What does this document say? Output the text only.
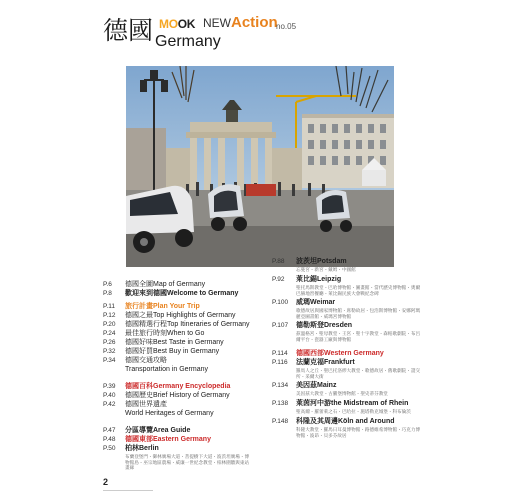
德國 Germany
MOOK NEWAction
no.05
P.6	德國全圖Map of Germany
P.8	歡迎來到德國Welcome to Germany
P.11	旅行計畫Plan Your Trip
P.12	德國之最Top Highlights of Germany
P.20	德國精選行程Top Itineraries of Germany
P.24	最佳旅行時刻When to Go
P.26	德國好味Best Taste in Germany
P.32	德國好買Best Buy in Germany
P.34	德國交通攻略
Transportation in Germany
P.39	德國百科Germany Encyclopedia
P.40	德國歷史Brief History of Germany
P.42	德國世界遺產
World Heritages of Germany
P.47	分區導覽Area Guide
P.48	德國東部Eastern Germany
P.50	柏林Berlin
布蘭登堡門・御林廣場大道・菩提樹下大道・波茨坦廣場・博物館島・巫宗地區農場・威廉一世紀念教堂・柏林圍牆與東站畫廊
P.88	波茨坦Potsdam
忘憂宮・新宮・戴姆・中國館
P.92	萊比錫Leipzig
聖托馬斯教堂・巴哈博物館・圖畫館・當代歷史博物館・奧爾巴赫地窖餐廳・萊比錫民族大會戰紀念碑
P.100	威瑪Weimar
歌德故居與國家博物館・席勒故居・包浩斯博物館・安娜阿瑪麗亞圖書館・威瑪宮博物館
P.107	德勒斯登Dresden
茲溫格宮・聖母教堂・王宮・聖十字教堂・森帕歌劇院・布呂爾平台・瓷器工廠與博物館
P.114	德國西部Western Germany
P.116	法蘭克福Frankfurt
羅馬人之丘・聖巴托洛繆大教堂・歌德故居・舊歌劇院・證交所・采爾大街
P.134	美因茲Mainz
美因茲大教堂・古騰堡博物館・聖史蒂芬教堂
P.138	萊茵河中游the Midstream of Rhein
聖高爾・羅蕾萊之石・巴哈拉・施塔勒克城堡・科布倫茨
P.148	科隆及其周邊Köln and Around
科隆大教堂・羅馬日耳曼博物館・路德維希博物館・巧克力博物館・波昂・貝多芬故居
2
